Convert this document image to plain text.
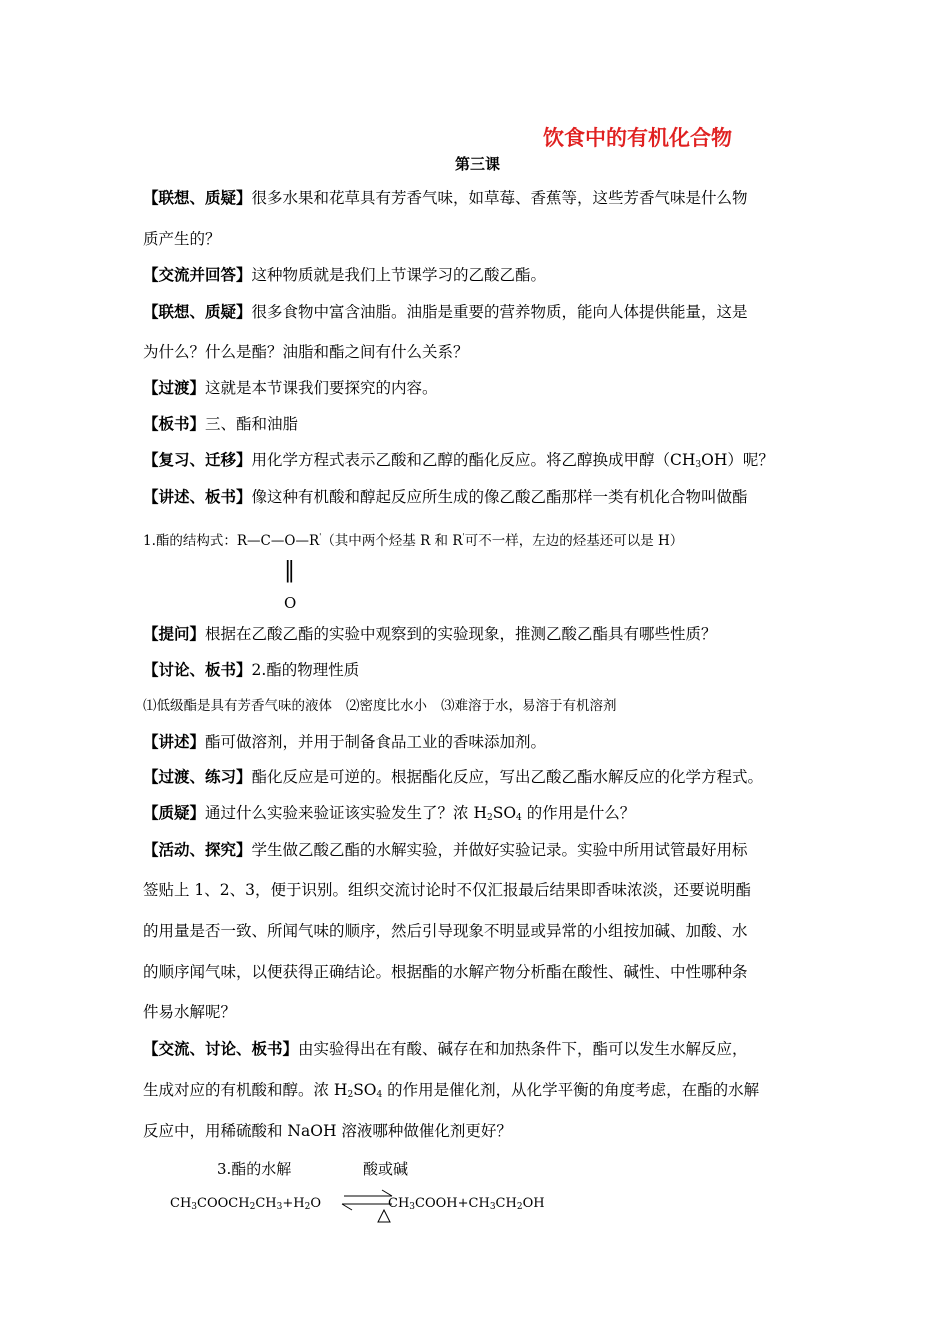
饮食中的有机化合物
第三课
【联想、质疑】很多水果和花草具有芳香气味，如草莓、香蕉等，这些芳香气味是什么物
质产生的？
【交流并回答】这种物质就是我们上节课学习的乙酸乙酯。
【联想、质疑】很多食物中富含油脂。油脂是重要的营养物质，能向人体提供能量，这是
为什么？什么是酯？油脂和酯之间有什么关系？
【过渡】这就是本节课我们要探究的内容。
【板书】三、酯和油脂
【复习、迁移】用化学方程式表示乙酸和乙醇的酯化反应。将乙醇换成甲醇$(CH_3OH)$呢？
【讲述、板书】像这种有机酸和醇起反应所生成的像乙酸乙酯那样一类有机化合物叫做酯
1.酯的结构式：R—C—O—R'（其中两个烃基 R 和 R'可不一样，左边的烃基还可以是 H）
‖
O
【提问】根据在乙酸乙酯的实验中观察到的实验现象，推测乙酸乙酯具有哪些性质？
【讨论、板书】2.酯的物理性质
⑴低级酯是具有芳香气味的液体 ⑵密度比水小 ⑶难溶于水，易溶于有机溶剂
【讲述】酯可做溶剂，并用于制备食品工业的香味添加剂。
【过渡、练习】酯化反应是可逆的。根据酯化反应，写出乙酸乙酯水解反应的化学方程式。
【质疑】通过什么实验来验证该实验发生了？浓 $H_2SO_4$ 的作用是什么？
【活动、探究】学生做乙酸乙酯的水解实验，并做好实验记录。实验中所用试管最好用标
签贴上 1、2、3，便于识别。组织交流讨论时不仅汇报最后结果即香味浓淡，还要说明酯
的用量是否一致、所闻气味的顺序，然后引导现象不明显或异常的小组按加碱、加酸、水
的顺序闻气味，以便获得正确结论。根据酯的水解产物分析酯在酸性、碱性、中性哪种条
件易水解呢？
【交流、讨论、板书】由实验得出在有酸、碱存在和加热条件下，酯可以发生水解反应，
生成对应的有机酸和醇。浓 $H_2SO_4$ 的作用是催化剂，从化学平衡的角度考虑，在酯的水解
反应中，用稀硫酸和 NaOH 溶液哪种做催化剂更好？
3.酯的水解	酸或碱
$CH_3COOCH_2CH_3+H_2O$ ⇌
$CH_3COOH+CH_3CH_2OH$
